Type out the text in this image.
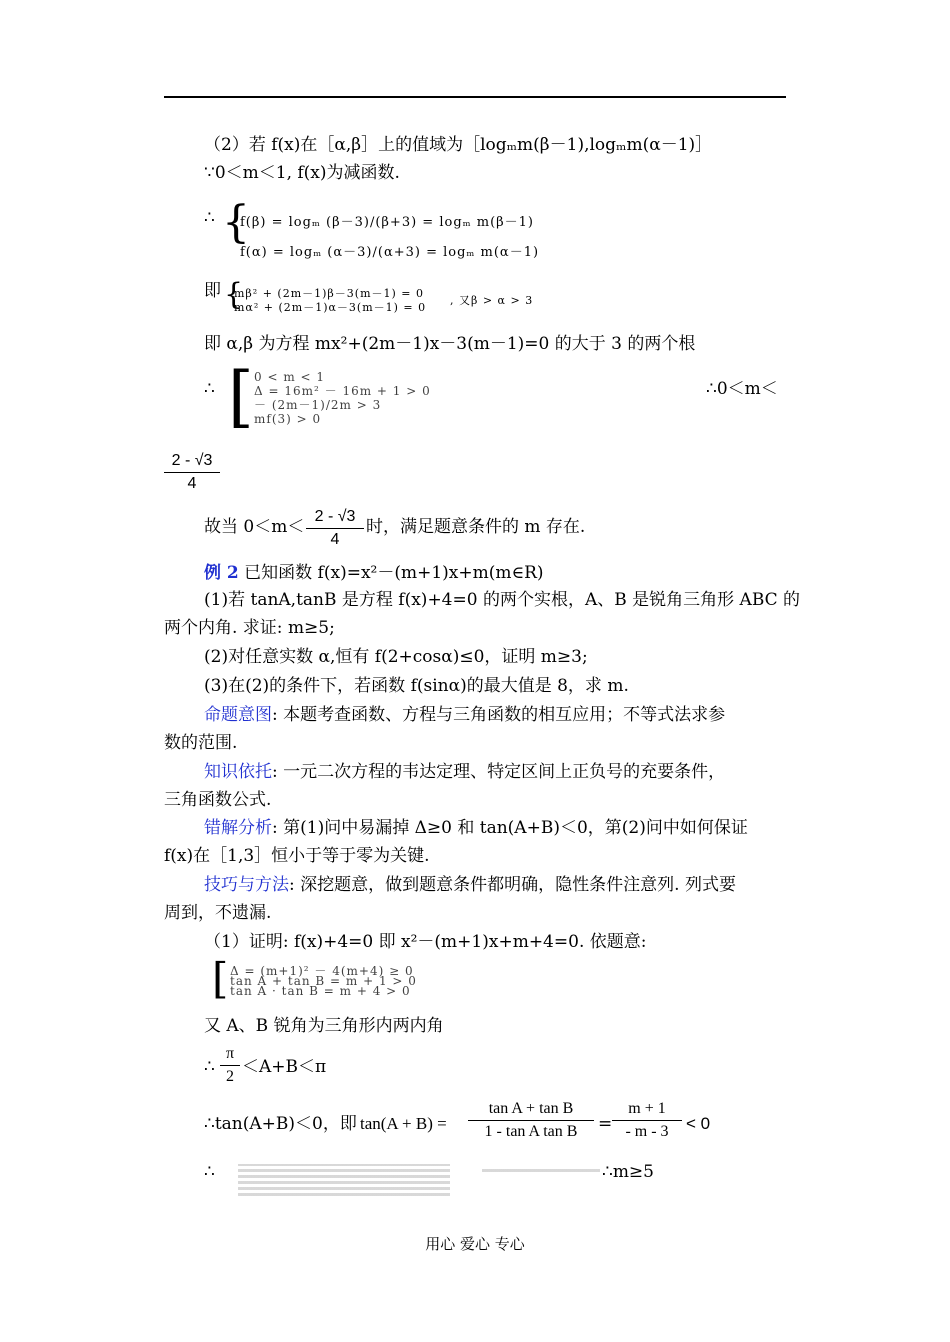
（2）若 f(x)在［α,β］上的值域为［logₘm(β－1),logₘm(α－1)］
∵0＜m＜1, f(x)为减函数.
∴ {
f(β) = logₘ (β－3)/(β+3) = logₘ m(β－1)
f(α) = logₘ (α－3)/(α+3) = logₘ m(α－1)
即 {
mβ² + (2m－1)β－3(m－1) = 0
mα² + (2m－1)α－3(m－1) = 0
, 又β > α > 3
即 α,β 为方程 mx²+(2m－1)x－3(m－1)=0 的大于 3 的两个根
∴ [ 0 < m < 1
Δ = 16m² － 16m + 1 > 0
－ (2m－1)/2m > 3
mf(3) > 0
∴0＜m＜
2 - √3
4
故当 0＜m＜
2 - √3
4
时，满足题意条件的 m 存在.
例 2 已知函数 f(x)=x²－(m+1)x+m(m∈R)
(1)若 tanA,tanB 是方程 f(x)+4=0 的两个实根，A、B 是锐角三角形 ABC 的
两个内角. 求证: m≥5;
(2)对任意实数 α,恒有 f(2+cosα)≤0，证明 m≥3;
(3)在(2)的条件下，若函数 f(sinα)的最大值是 8，求 m.
命题意图: 本题考查函数、方程与三角函数的相互应用；不等式法求参
数的范围.
知识依托: 一元二次方程的韦达定理、特定区间上正负号的充要条件，
三角函数公式.
错解分析: 第(1)问中易漏掉 Δ≥0 和 tan(A+B)＜0，第(2)问中如何保证
f(x)在［1,3］恒小于等于零为关键.
技巧与方法: 深挖题意，做到题意条件都明确，隐性条件注意列. 列式要
周到，不遗漏.
（1）证明: f(x)+4=0 即 x²－(m+1)x+m+4=0. 依题意:
[ Δ = (m+1)² － 4(m+4) ≥ 0
tan A + tan B = m + 1 > 0
tan A · tan B = m + 4 > 0
又 A、B 锐角为三角形内两内角
∴
π
2 ＜A+B＜π
∴tan(A+B)＜0，即 tan(A + B) =
tan A + tan B
1 - tan A tan B	=
m + 1
- m - 3	< 0
∴	∴m≥5
用心 爱心 专心
